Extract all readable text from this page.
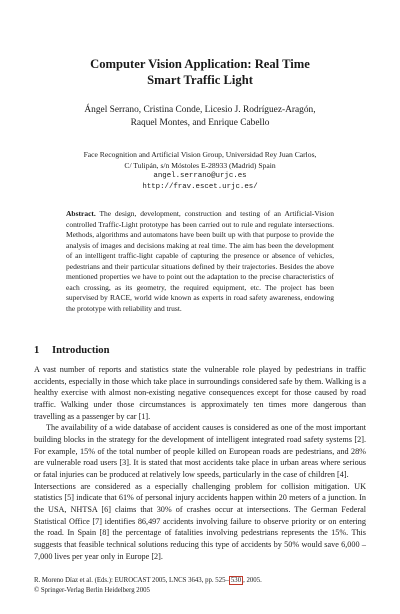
Computer Vision Application: Real Time
Smart Traffic Light
Ángel Serrano, Cristina Conde, Licesio J. Rodríguez-Aragón,
Raquel Montes, and Enrique Cabello
Face Recognition and Artificial Vision Group, Universidad Rey Juan Carlos,
C/ Tulipán, s/n Móstoles E-28933 (Madrid) Spain
angel.serrano@urjc.es
http://frav.escet.urjc.es/
Abstract. The design, development, construction and testing of an Artificial-Vision controlled Traffic-Light prototype has been carried out to rule and regulate intersections. Methods, algorithms and automatons have been built up with that purpose to provide the analysis of images and decisions making at real time. The aim has been the development of an intelligent traffic-light capable of capturing the presence or absence of vehicles, pedestrians and their particular situations defined by their trajectories. Besides the above mentioned properties we have to point out the adaptation to the precise characteristics of each crossing, as its geometry, the required equipment, etc. The project has been supervised by RACE, world wide known as experts in road safety awareness, endowing the prototype with reliability and trust.
1 Introduction

A vast number of reports and statistics state the vulnerable role played by pedestrians in traffic accidents, especially in those which take place in surroundings considered safe by them. Walking is a healthy exercise with almost non-existing negative consequences except for those caused by road traffic. Walking under those circumstances is approximately ten times more dangerous than travelling as a passenger by car [1].

The availability of a wide database of accident causes is considered as one of the most important building blocks in the strategy for the development of intelligent integrated road safety systems [2]. For example, 15% of the total number of people killed on European roads are pedestrians, and 28% are vulnerable road users [3]. It is stated that most accidents take place in urban areas where serious or fatal injuries can be produced at relatively low speeds, particularly in the case of children [4].

Intersections are considered as a especially challenging problem for collision mitigation. UK statistics [5] indicate that 61% of personal injury accidents happen within 20 meters of a junction. In the USA, NHTSA [6] claims that 30% of crashes occur at intersections. The German Federal Statistical Office [7] identifies 86,497 accidents involving failure to observe priority or on entering the road. In Spain [8] the percentage of fatalities involving pedestrians represents the 15%. This suggests that feasible technical solutions reducing this type of accidents by 50% would save 6,000 – 7,000 lives per year only in Europe [2].

R. Moreno Díaz et al. (Eds.): EUROCAST 2005, LNCS 3643, pp. 525– 530 , 2005.
© Springer-Verlag Berlin Heidelberg 2005
